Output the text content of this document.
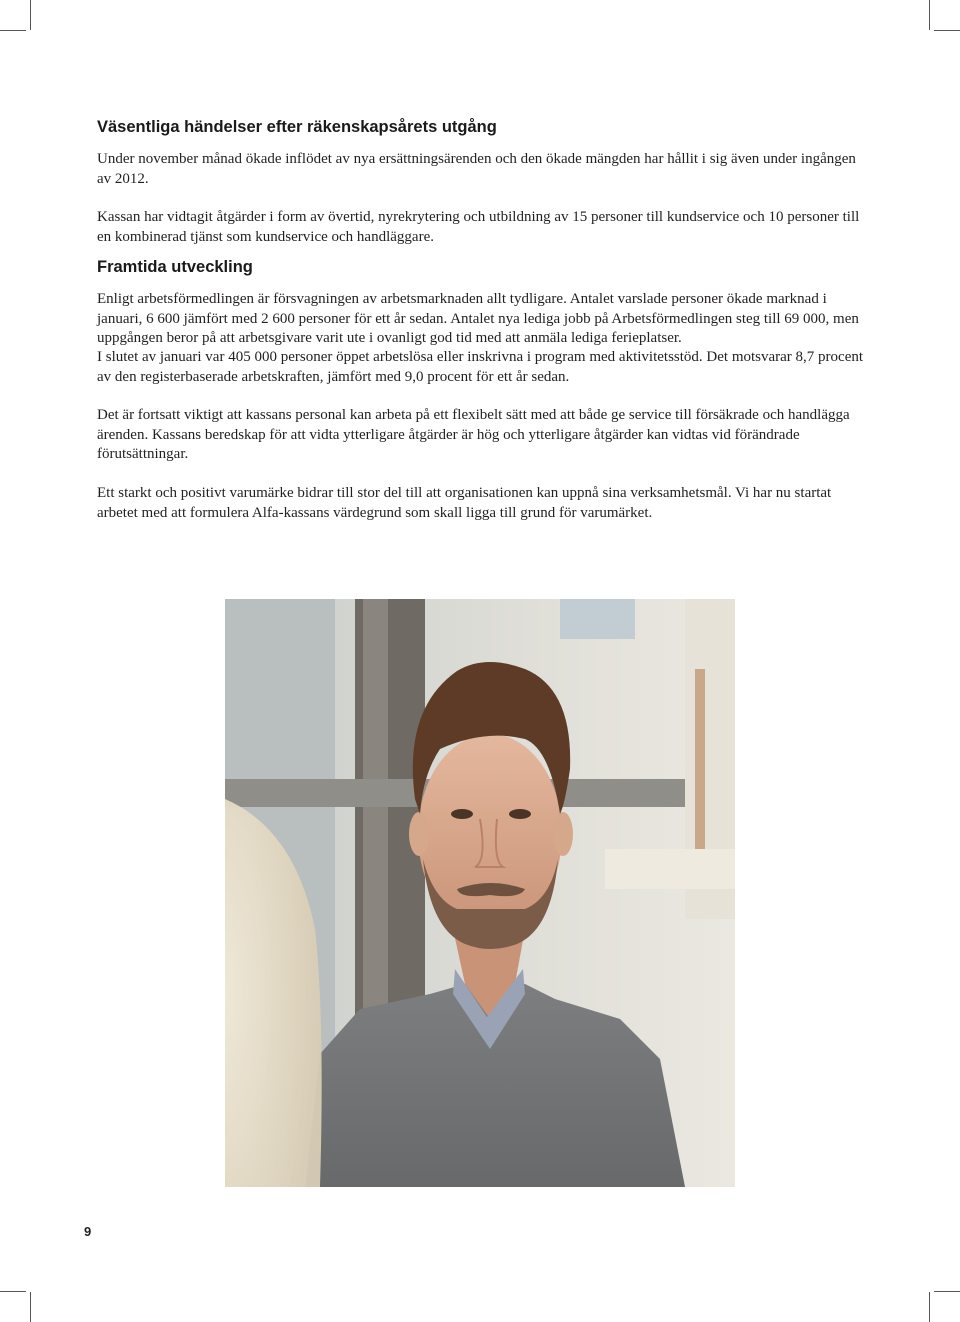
Väsentliga händelser efter räkenskapsårets utgång

Under november månad ökade inflödet av nya ersättningsärenden och den ökade mängden har hållit i sig även under ingången av 2012.

Kassan har vidtagit åtgärder i form av övertid, nyrekrytering och utbildning av 15 personer till kundservice och 10 personer till en kombinerad tjänst som kundservice och handläggare.

Framtida utveckling

Enligt arbetsförmedlingen är försvagningen av arbetsmarknaden allt tydligare. Antalet varslade personer ökade marknad i januari, 6 600 jämfört med 2 600 personer för ett år sedan. Antalet nya lediga jobb på Arbetsförmedlingen steg till 69 000, men uppgången beror på att arbetsgivare varit ute i ovanligt god tid med att anmäla lediga ferieplatser.

I slutet av januari var 405 000 personer öppet arbetslösa eller inskrivna i program med aktivitetsstöd. Det motsvarar 8,7 procent av den registerbaserade arbetskraften, jämfört med 9,0 procent för ett år sedan.

Det är fortsatt viktigt att kassans personal kan arbeta på ett flexibelt sätt med att både ge service till försäkrade och handlägga ärenden. Kassans beredskap för att vidta ytterligare åtgärder är hög och ytterligare åtgärder kan vidtas vid förändrade förutsättningar.

Ett starkt och positivt varumärke bidrar till stor del till att organisationen kan uppnå sina verksamhetsmål. Vi har nu startat arbetet med att formulera Alfa-kassans värdegrund som skall ligga till grund för varumärket.

9
